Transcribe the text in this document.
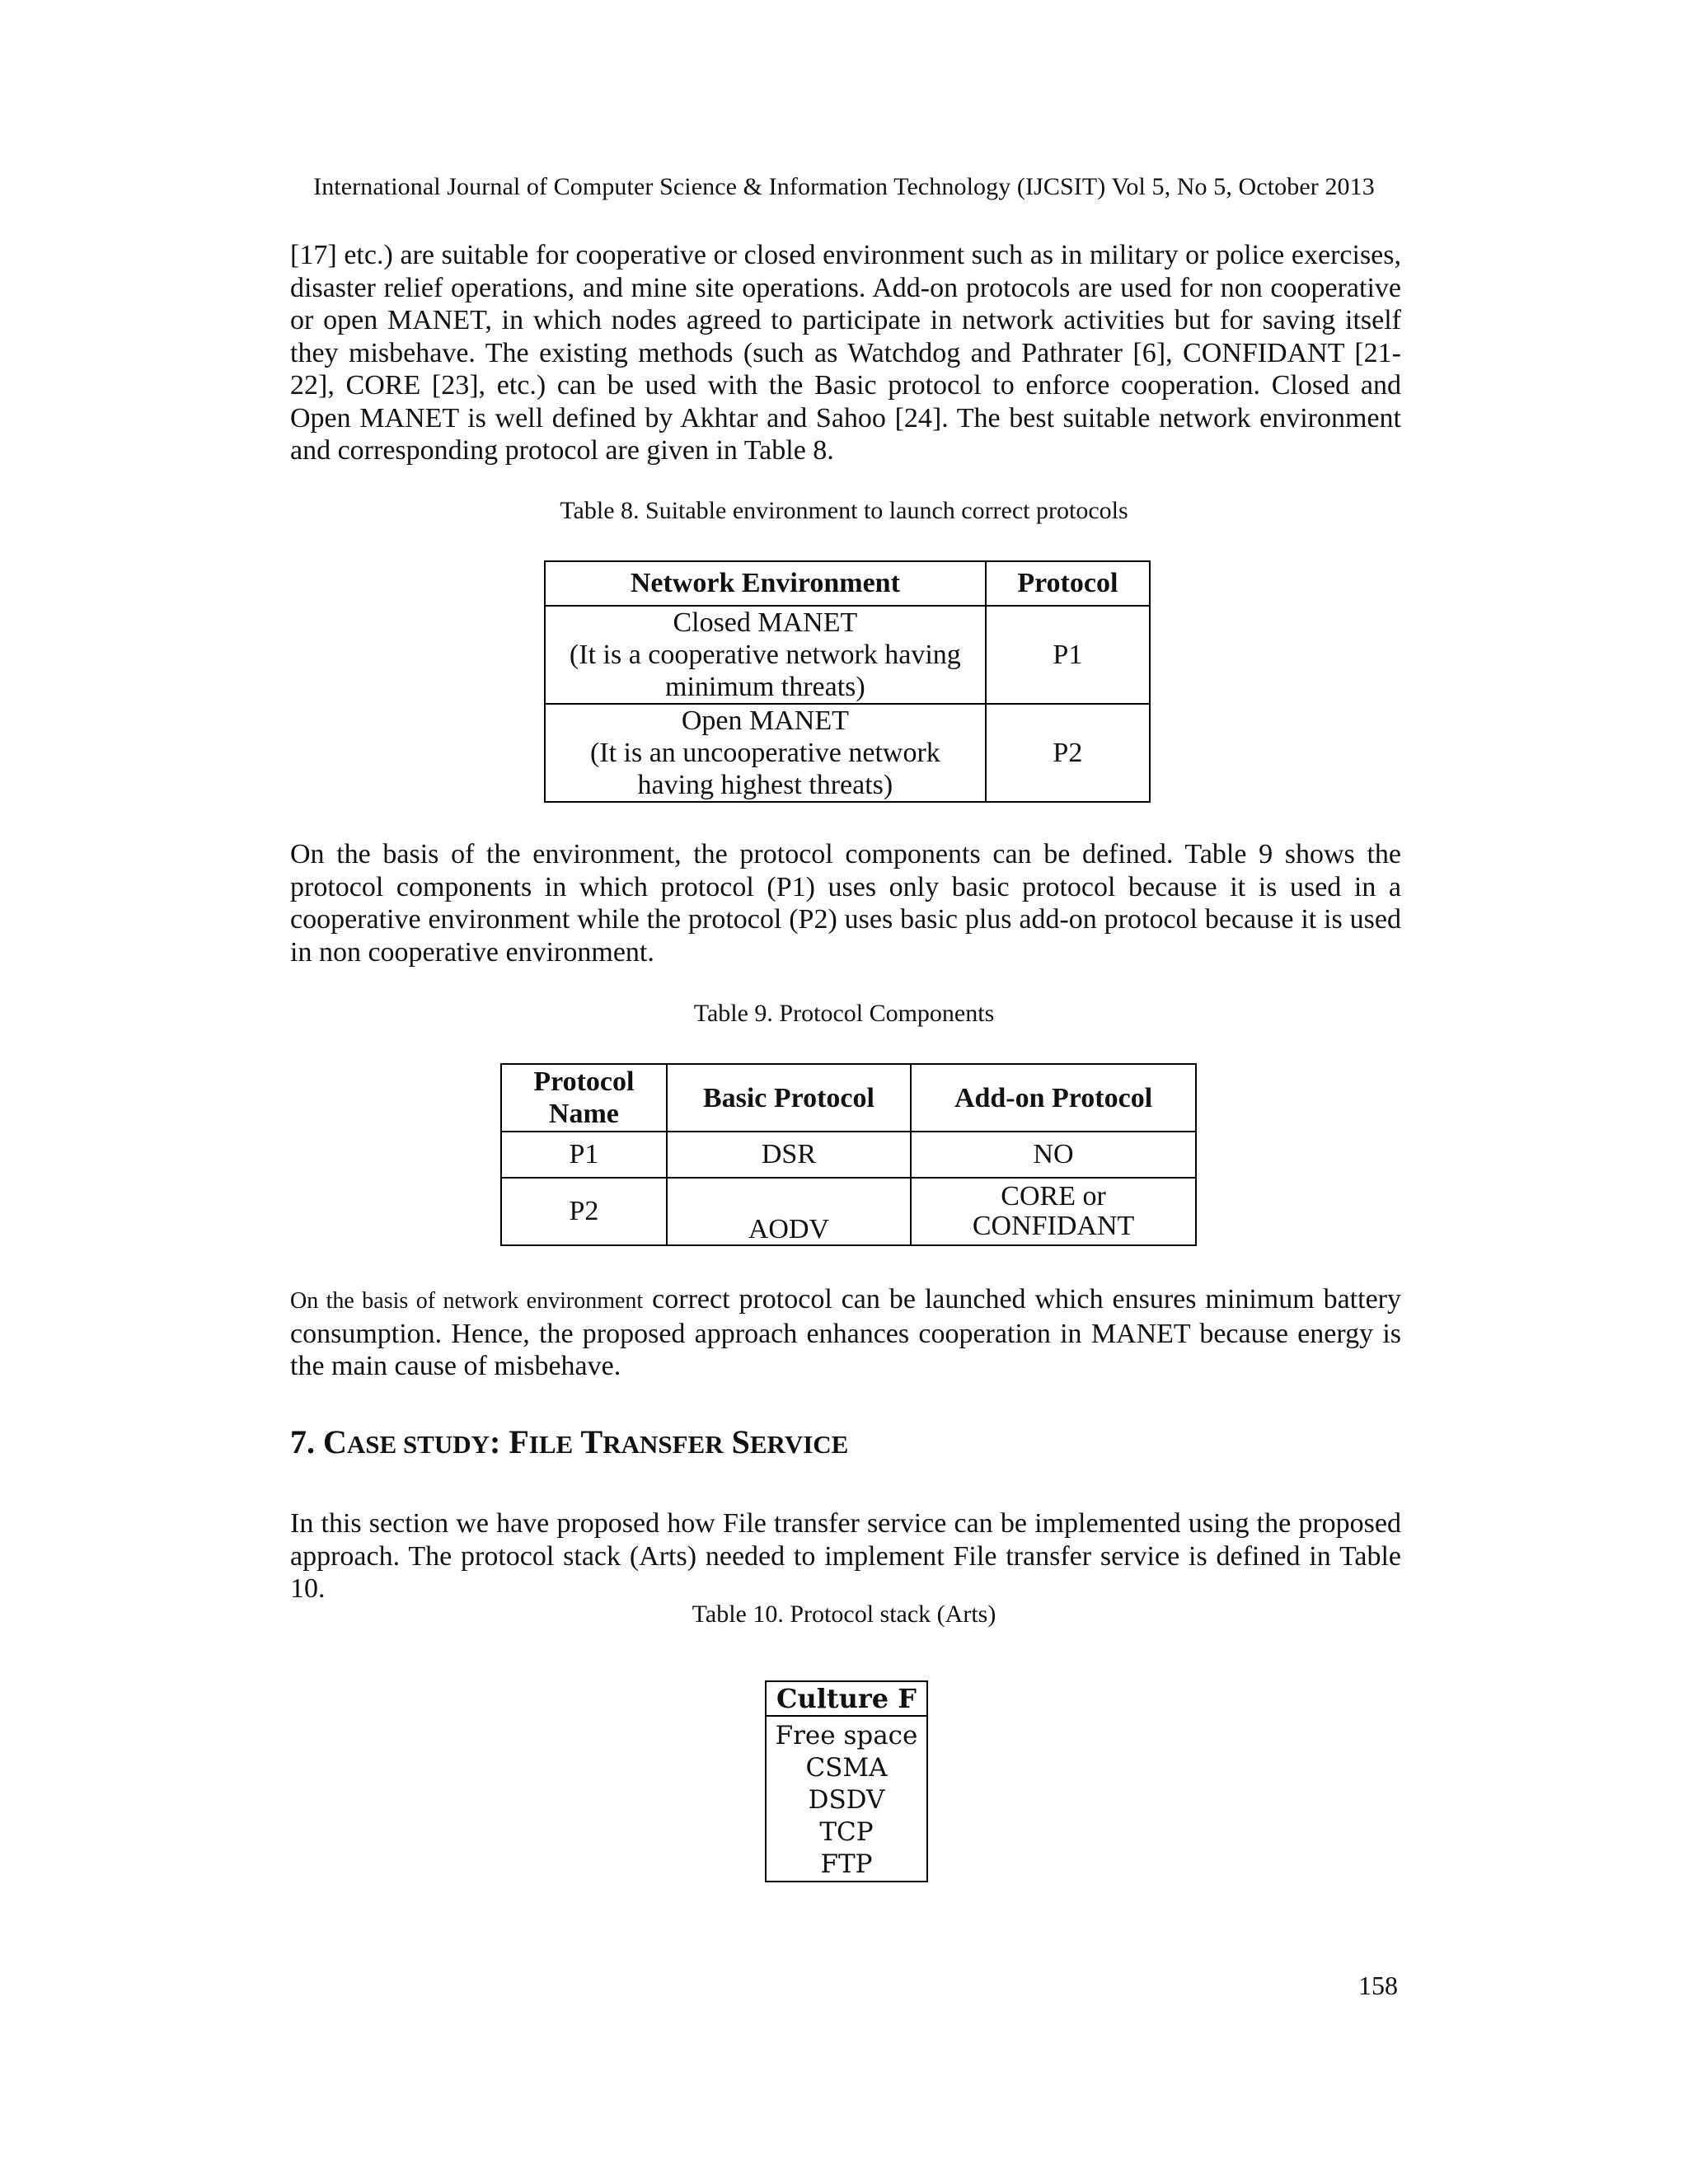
International Journal of Computer Science & Information Technology (IJCSIT) Vol 5, No 5, October 2013

[17] etc.) are suitable for cooperative or closed environment such as in military or police exercises, disaster relief operations, and mine site operations. Add-on protocols are used for non cooperative or open MANET, in which nodes agreed to participate in network activities but for saving itself they misbehave. The existing methods (such as Watchdog and Pathrater [6], CONFIDANT [21-22], CORE [23], etc.) can be used with the Basic protocol to enforce cooperation. Closed and Open MANET is well defined by Akhtar and Sahoo [24]. The best suitable network environment and corresponding protocol are given in Table 8.

Table 8. Suitable environment to launch correct protocols
Network Environment	Protocol

Closed MANET
(It is a cooperative network having minimum threats)	P1

Open MANET
(It is an uncooperative network having highest threats)	P2

On the basis of the environment, the protocol components can be defined. Table 9 shows the protocol components in which protocol (P1) uses only basic protocol because it is used in a cooperative environment while the protocol (P2) uses basic plus add-on protocol because it is used in non cooperative environment.

Table 9. Protocol Components
Protocol Name	Basic Protocol	Add-on Protocol
P1	DSR	NO
P2	AODV	CORE or CONFIDANT

On the basis of network environment correct protocol can be launched which ensures minimum battery consumption. Hence, the proposed approach enhances cooperation in MANET because energy is the main cause of misbehave.

7. CASE STUDY: FILE TRANSFER SERVICE

In this section we have proposed how File transfer service can be implemented using the proposed approach. The protocol stack (Arts) needed to implement File transfer service is defined in Table 10.

Table 10. Protocol stack (Arts)
Culture F
Free space
CSMA
DSDV
TCP
FTP
158
